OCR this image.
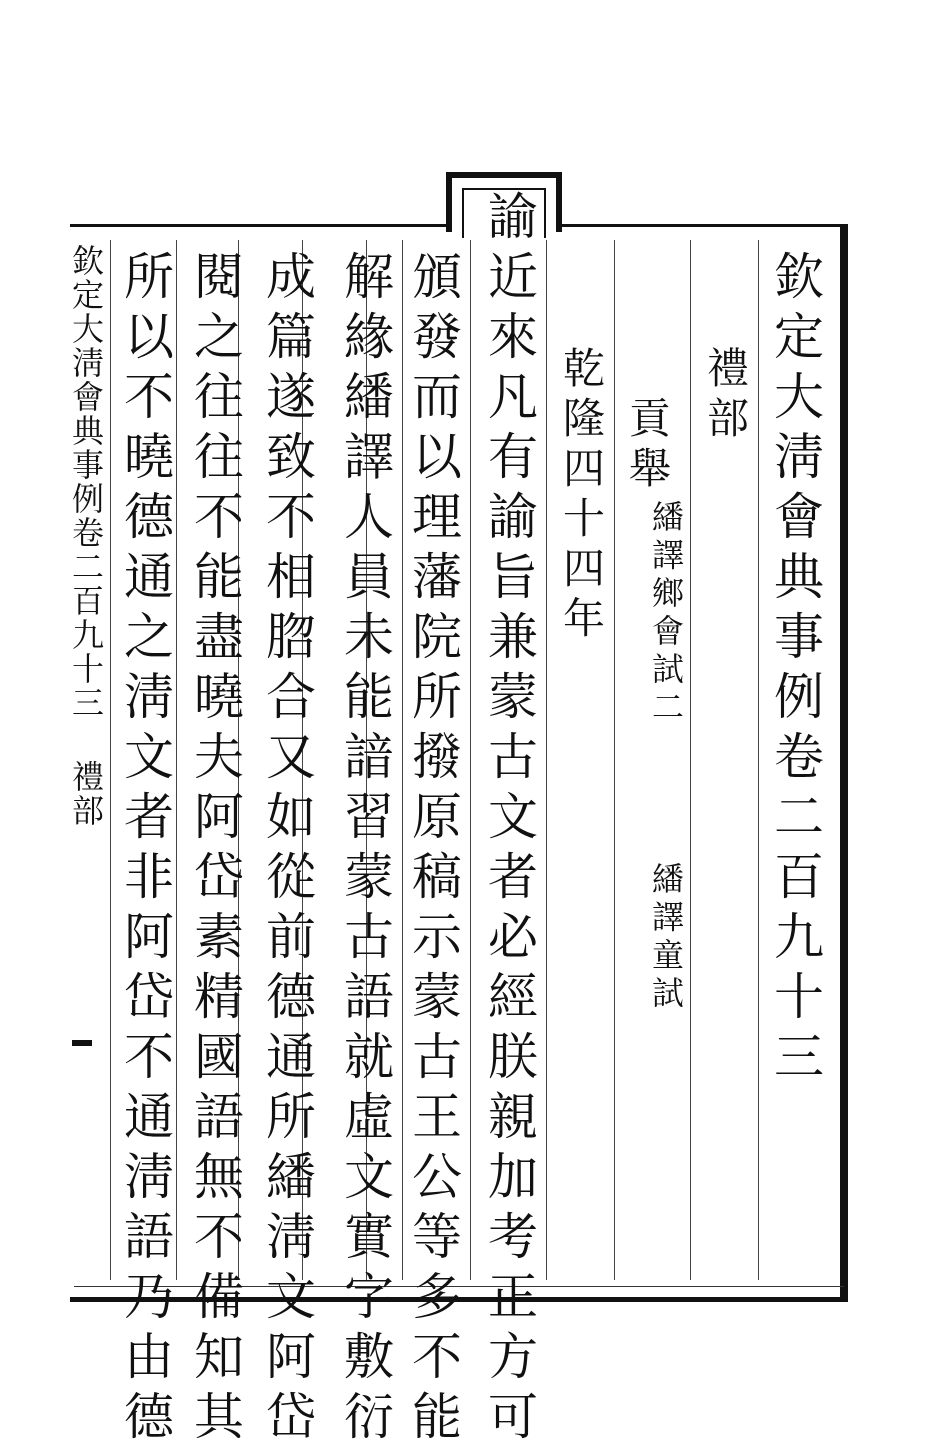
欽定大淸會典事例卷二百九十三
禮部
貢舉
繙譯鄉會試二
繙譯童試
乾隆四十四年
諭近來凡有諭旨兼蒙古文者必經朕親加考正方可
頒發而以理藩院所撥原稿示蒙古王公等多不能
解緣繙譯人員未能諳習蒙古語就虛文實字敷衍
成篇遂致不相脗合又如從前德通所繙淸文阿岱
閱之往往不能盡曉夫阿岱素精國語無不備知其
所以不曉德通之淸文者非阿岱不通淸語乃由德
欽定大淸會典事例卷二百九十三 禮部
